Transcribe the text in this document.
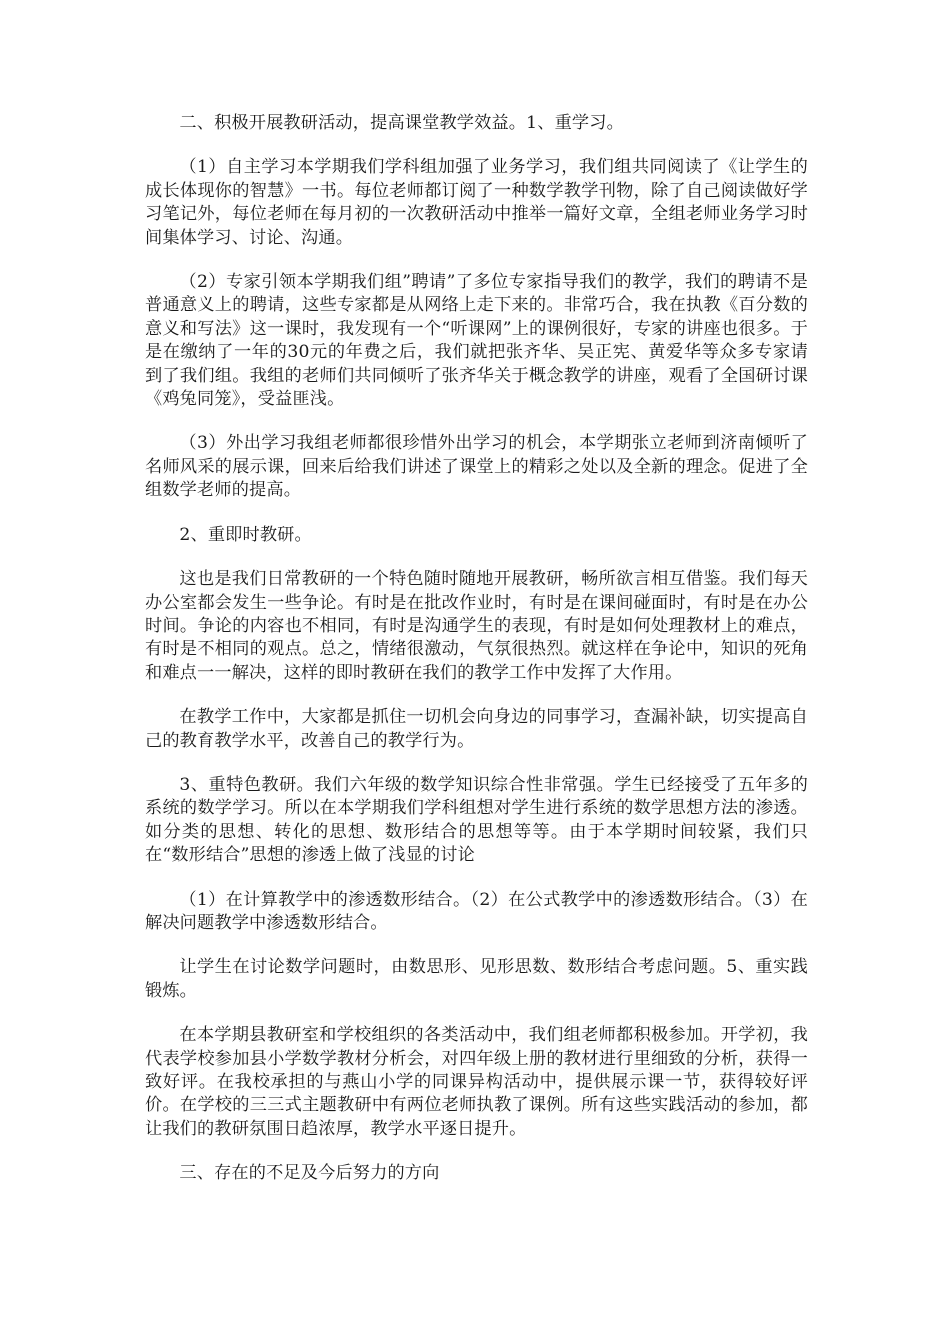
二、积极开展教研活动，提高课堂教学效益。1、重学习。

（1）自主学习本学期我们学科组加强了业务学习，我们组共同阅读了《让学生的成长体现你的智慧》一书。每位老师都订阅了一种数学教学刊物，除了自己阅读做好学习笔记外，每位老师在每月初的一次教研活动中推举一篇好文章，全组老师业务学习时间集体学习、讨论、沟通。

（2）专家引领本学期我们组”聘请”了多位专家指导我们的教学，我们的聘请不是普通意义上的聘请，这些专家都是从网络上走下来的。非常巧合，我在执教《百分数的意义和写法》这一课时，我发现有一个“听课网”上的课例很好，专家的讲座也很多。于是在缴纳了一年的30元的年费之后，我们就把张齐华、吴正宪、黄爱华等众多专家请到了我们组。我组的老师们共同倾听了张齐华关于概念教学的讲座，观看了全国研讨课《鸡兔同笼》，受益匪浅。

（3）外出学习我组老师都很珍惜外出学习的机会，本学期张立老师到济南倾听了名师风采的展示课，回来后给我们讲述了课堂上的精彩之处以及全新的理念。促进了全组数学老师的提高。

2、重即时教研。

这也是我们日常教研的一个特色随时随地开展教研，畅所欲言相互借鉴。我们每天办公室都会发生一些争论。有时是在批改作业时，有时是在课间碰面时，有时是在办公时间。争论的内容也不相同，有时是沟通学生的表现，有时是如何处理教材上的难点，有时是不相同的观点。总之，情绪很激动，气氛很热烈。就这样在争论中，知识的死角和难点一一解决，这样的即时教研在我们的教学工作中发挥了大作用。

在教学工作中，大家都是抓住一切机会向身边的同事学习，查漏补缺，切实提高自己的教育教学水平，改善自己的教学行为。

3、重特色教研。我们六年级的数学知识综合性非常强。学生已经接受了五年多的系统的数学学习。所以在本学期我们学科组想对学生进行系统的数学思想方法的渗透。如分类的思想、转化的思想、数形结合的思想等等。由于本学期时间较紧，我们只在“数形结合”思想的渗透上做了浅显的讨论

（1）在计算教学中的渗透数形结合。（2）在公式教学中的渗透数形结合。（3）在解决问题教学中渗透数形结合。

让学生在讨论数学问题时，由数思形、见形思数、数形结合考虑问题。5、重实践锻炼。

在本学期县教研室和学校组织的各类活动中，我们组老师都积极参加。开学初，我代表学校参加县小学数学教材分析会，对四年级上册的教材进行里细致的分析，获得一致好评。在我校承担的与燕山小学的同课异构活动中，提供展示课一节，获得较好评价。在学校的三三式主题教研中有两位老师执教了课例。所有这些实践活动的参加，都让我们的教研氛围日趋浓厚，教学水平逐日提升。

三、存在的不足及今后努力的方向
